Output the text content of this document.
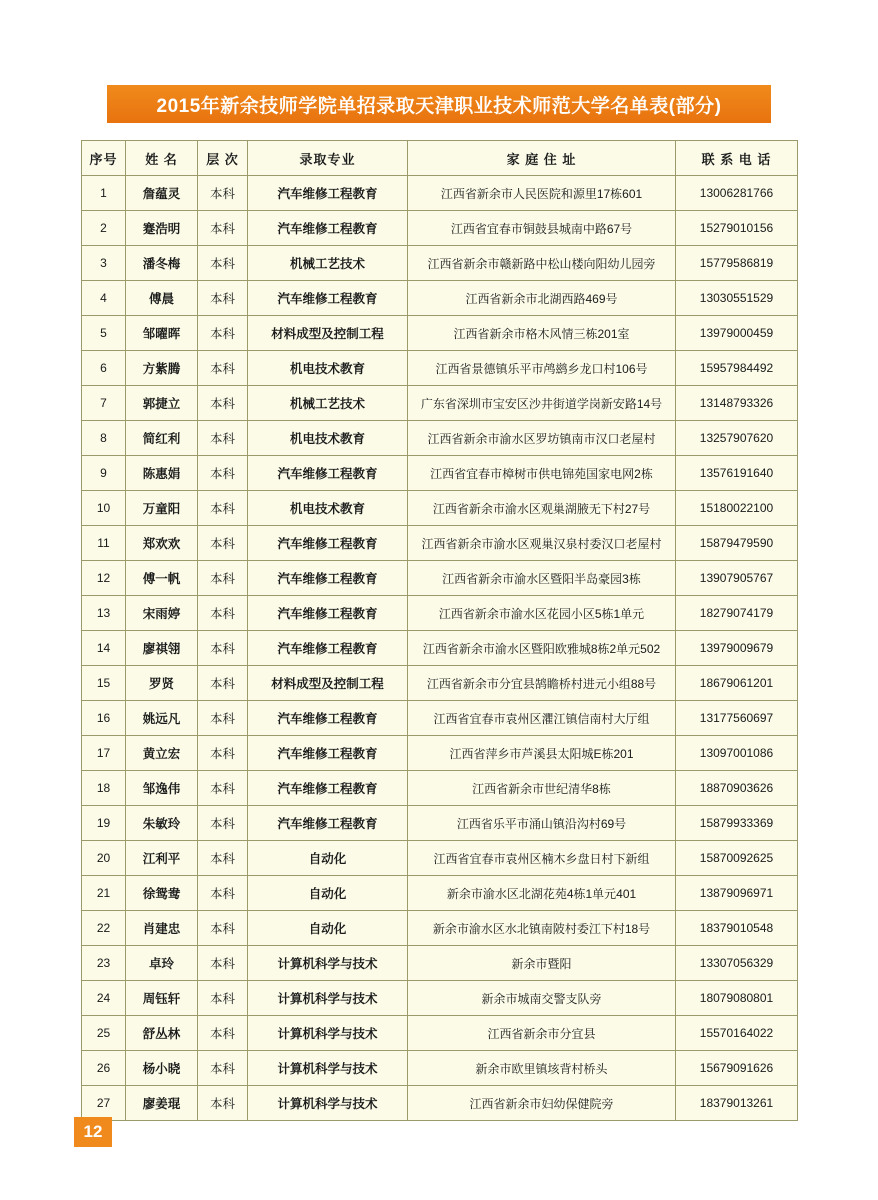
2015年新余技师学院单招录取天津职业技术师范大学名单表(部分)
序号	姓 名	层 次	录取专业	家 庭 住 址	联 系 电 话
1	詹蕴灵	本科	汽车维修工程教育	江西省新余市人民医院和源里17栋601	13006281766
2	蹇浩明	本科	汽车维修工程教育	江西省宜春市铜鼓县城南中路67号	15279010156
3	潘冬梅	本科	机械工艺技术	江西省新余市赣新路中松山楼向阳幼儿园旁	15779586819
4	傅晨	本科	汽车维修工程教育	江西省新余市北湖西路469号	13030551529
5	邹曜晖	本科	材料成型及控制工程	江西省新余市格木风情三栋201室	13979000459
6	方紫腾	本科	机电技术教育	江西省景德镇乐平市鸬鹚乡龙口村106号	15957984492
7	郭捷立	本科	机械工艺技术	广东省深圳市宝安区沙井街道学岗新安路14号	13148793326
8	简红利	本科	机电技术教育	江西省新余市渝水区罗坊镇南市汉口老屋村	13257907620
9	陈惠娟	本科	汽车维修工程教育	江西省宜春市樟树市供电锦苑国家电网2栋	13576191640
10	万童阳	本科	机电技术教育	江西省新余市渝水区观巢湖腋无下村27号	15180022100
11	郑欢欢	本科	汽车维修工程教育	江西省新余市渝水区观巢汉泉村委汉口老屋村	15879479590
12	傅一帆	本科	汽车维修工程教育	江西省新余市渝水区暨阳半岛豪园3栋	13907905767
13	宋雨婷	本科	汽车维修工程教育	江西省新余市渝水区花园小区5栋1单元	18279074179
14	廖祺翎	本科	汽车维修工程教育	江西省新余市渝水区暨阳欧雅城8栋2单元502	13979009679
15	罗贤	本科	材料成型及控制工程	江西省新余市分宜县鹄瞻桥村进元小组88号	18679061201
16	姚远凡	本科	汽车维修工程教育	江西省宜春市袁州区灈江镇信南村大厅组	13177560697
17	黄立宏	本科	汽车维修工程教育	江西省萍乡市芦溪县太阳城E栋201	13097001086
18	邹逸伟	本科	汽车维修工程教育	江西省新余市世纪清华8栋	18870903626
19	朱敏玲	本科	汽车维修工程教育	江西省乐平市涌山镇沿沟村69号	15879933369
20	江利平	本科	自动化	江西省宜春市袁州区楠木乡盘日村下新组	15870092625
21	徐鸳鸯	本科	自动化	新余市渝水区北湖花苑4栋1单元401	13879096971
22	肖建忠	本科	自动化	新余市渝水区水北镇南陂村委江下村18号	18379010548
23	卓玲	本科	计算机科学与技术	新余市暨阳	13307056329
24	周钰轩	本科	计算机科学与技术	新余市城南交警支队旁	18079080801
25	舒丛林	本科	计算机科学与技术	江西省新余市分宜县	15570164022
26	杨小晓	本科	计算机科学与技术	新余市欧里镇垓背村桥头	15679091626
27	廖姜琨	本科	计算机科学与技术	江西省新余市妇幼保健院旁	18379013261
12
